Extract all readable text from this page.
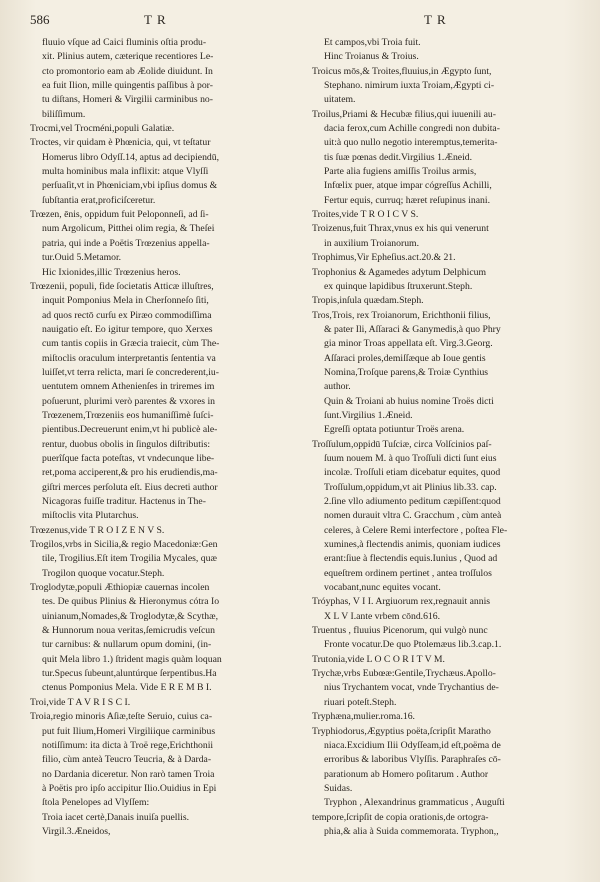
586	T R	T R

fluuio vſque ad Caici fluminis oſtia produ-

xit. Plinius autem, cæterique recentiores Le-

cto promontorio eam ab Æolide diuidunt. In

ea fuit Ilion, mille quingentis paſſibus à por-

tu diſtans, Homeri & Virgilii carminibus no-

biliſſimum.

Trocmi,vel Trocméni,populi Galatiæ.

Troctes, vir quidam è Phœnicia, qui, vt teſtatur

Homerus libro Odyſſ.14, aptus ad decipiendū,

multa hominibus mala inflixit: atque Vlyſſi

perſuaſit,vt in Phœniciam,vbi ipſius domus &

ſubſtantia erat,proficiſceretur.

Trœzen, ēnis, oppidum fuit Peloponneſi, ad ſi-

num Argolicum, Pitthei olim regia, & Theſei

patria, qui inde a Poëtis Trœzenius appella-

tur.Ouid 5.Metamor.

Hic Ixionides,illic Trœzenius heros.

Trœzenii, populi, fide ſocietatis Atticæ illuſtres,

inquit Pomponius Mela in Cherſonneſo ſiti,

ad quos rectō curſu ex Piræo commodiſſima

nauigatio eſt. Eo igitur tempore, quo Xerxes

cum tantis copiis in Græcia traiecit, cùm The-

miſtoclis oraculum interpretantis ſententia va

luiſſet,vt terra relicta, mari ſe concrederent,iu-

uentutem omnem Athenienſes in triremes im

poſuerunt, plurimi verò parentes & vxores in

Trœzenem,Trœzeniis eos humaniſſimè ſuſci-

pientibus.Decreuerunt enim,vt hi publicè ale-

rentur, duobus obolis in ſingulos diſtributis:

puerîſque facta poteſtas, vt vndecunque libe-

ret,poma acciperent,& pro his erudiendis,ma-

giſtri merces perſoluta eſt. Eius decreti author

Nicagoras fuiſſe traditur. Hactenus in The-

miſtoclis vita Plutarchus.

Trœzenus,vide T R O I Z E N V S.

Trogilos,vrbs in Sicilia,& regio Macedoniæ:Gen

tile, Trogilius.Eſt item Trogilia Mycales, quæ

Trogilon quoque vocatur.Steph.

Troglodytæ,populi Æthiopiæ cauernas incolen

tes. De quibus Plinius & Hieronymus cótra Io

uinianum,Nomades,& Troglodytæ,& Scythæ,

& Hunnorum noua veritas,ſemicrudis veſcun

tur carnibus: & nullarum opum domini, (in-

quit Mela libro 1.) ſtrident magis quàm loquan

tur.Specus ſubeunt,aluntúrque ſerpentibus.Ha

ctenus Pomponius Mela. Vide E R E M B I.

Troi,vide T A V R I S C I.

Troia,regio minoris Aſiæ,teſte Seruio, cuius ca-

put fuit Ilium,Homeri Virgiliique carminibus

notiſſimum: ita dicta à Troë rege,Erichthonii

filio, cùm anteà Teucro Teucria, & à Darda-

no Dardania diceretur. Non rarò tamen Troia

à Poëtis pro ipſo accipitur Ilio.Ouidius in Epi

ſtola Penelopes ad Vlyſſem:

Troia iacet certè,Danais inuiſa puellis.

Virgil.3.Æneidos,

Et campos,vbi Troia fuit.

Hinc Troianus & Troius.

Troicus mōs,& Troites,fluuius,in Ægypto ſunt,

Stephano. nimirum iuxta Troiam,Ægypti ci-

uitatem.

Troilus,Priami & Hecubæ filius,qui iuuenili au-

dacia ferox,cum Achille congredi non dubita-

uit:à quo nullo negotio interemptus,temerita-

tis ſuæ pœnas dedit.Virgilius 1.Æneid.

Parte alia fugiens amiſſis Troilus armis,

Infœlix puer, atque impar cógreſſus Achilli,

Fertur equis, curruq; hæret reſupinus inani.

Troites,vide T R O I C V S.

Troizenus,fuit Thrax,vnus ex his qui venerunt

in auxilium Troianorum.

Trophimus,Vir Epheſius.act.20.& 21.

Trophonius & Agamedes adytum Delphicum

ex quinque lapidibus ſtruxerunt.Steph.

Tropis,inſula quædam.Steph.

Tros,Trois, rex Troianorum, Erichthonii filius,

& pater Ili, Aſſaraci & Ganymedis,à quo Phry

gia minor Troas appellata eſt. Virg.3.Georg.

Aſſaraci proles,demiſſæque ab Ioue gentis

Nomina,Troſque parens,& Troiæ Cynthius

author.

Quin & Troiani ab huius nomine Troës dicti

ſunt.Virgilius 1.Æneid.

Egreſſi optata potiuntur Troës arena.

Troſſulum,oppidū Tuſciæ, circa Volſcinios paſ-

ſuum nouem M. à quo Troſſuli dicti ſunt eius

incolæ. Troſſuli etiam dicebatur equites, quod

Troſſulum,oppidum,vt ait Plinius lib.33. cap.

2.ſine vllo adiumento peditum cæpiſſent:quod

nomen durauit vltra C. Gracchum , cùm anteà

celeres, à Celere Remi interfectore , poſtea Fle-

xumines,à flectendis animis, quoniam iudices

erant:ſiue à flectendis equis.Iunius , Quod ad

equeſtrem ordinem pertinet , antea troſſulos

vocabant,nunc equites vocant.

Tróyphas, V I I. Argiuorum rex,regnauit annis

X L V I.ante vrbem cōnd.616.

Truentus , fluuius Picenorum, qui vulgò nunc

Fronte vocatur.De quo Ptolemæus lib.3.cap.1.

Trutonia,vide L O C O R I T V M.

Trychæ,vrbs Eubœæ:Gentile,Trychæus.Apollo-

nius Trychantem vocat, vnde Trychantius de-

riuari poteſt.Steph.

Tryphæna,mulier.roma.16.

Tryphiodorus,Ægyptius poëta,ſcripſit Maratho

niaca.Excidium Ilii Odyſſeam,id eſt,poëma de

erroribus & laboribus Vlyſſis. Paraphraſes cō-

parationum ab Homero poſitarum . Author

Suidas.

Tryphon , Alexandrinus grammaticus , Auguſti

tempore,ſcripſit de copia orationis,de ortogra-

phia,& alia à Suida commemorata. Tryphon,,
